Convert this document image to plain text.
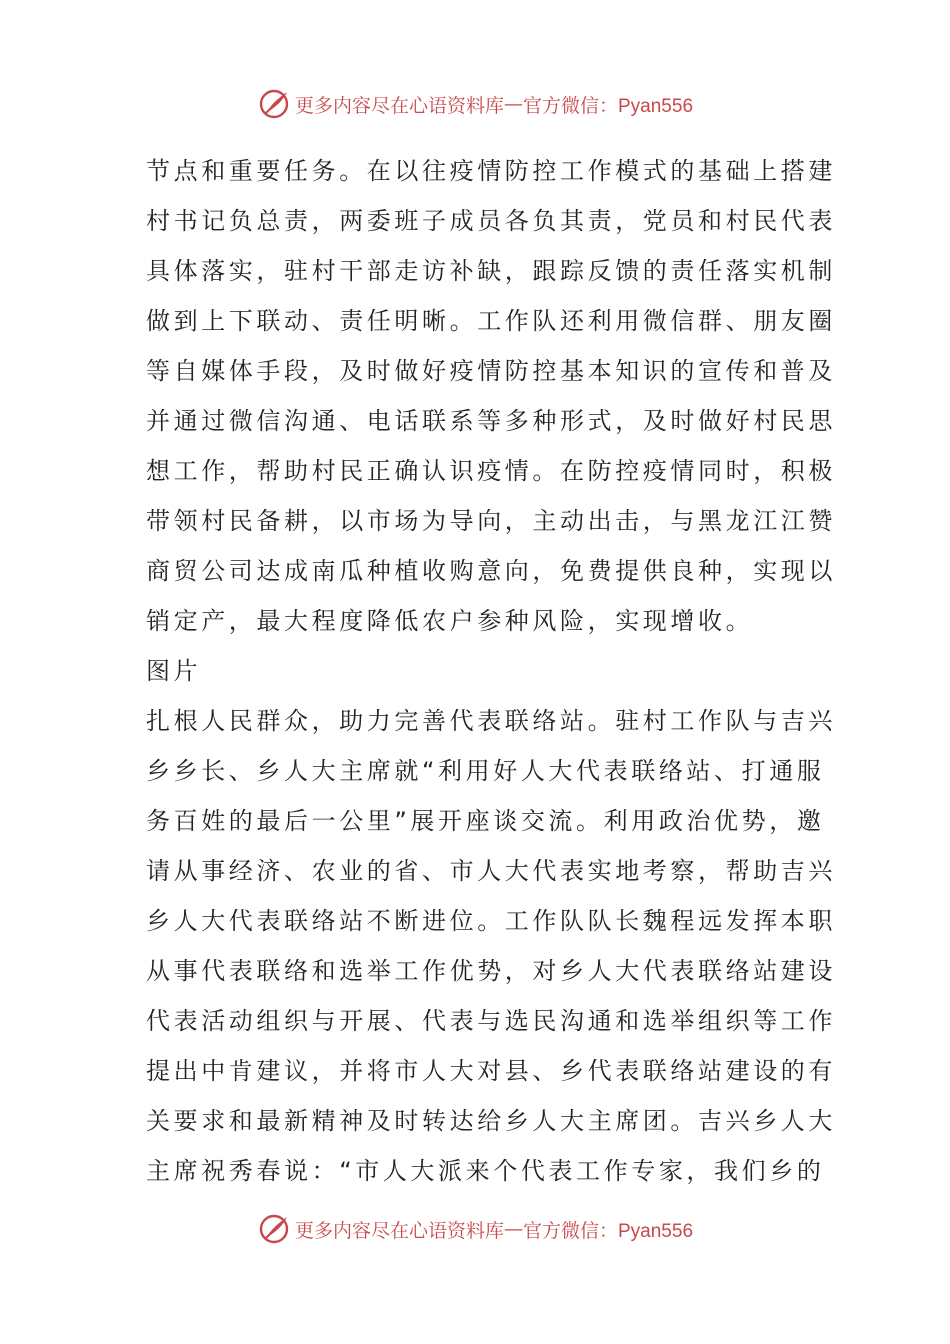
更多内容尽在心语资料库 — 官方微信：Pyan556
节点和重要任务。在以往疫情防控工作模式的基础上搭建
村书记负总责，两委班子成员各负其责，党员和村民代表
具体落实，驻村干部走访补缺，跟踪反馈的责任落实机制
做到上下联动、责任明晰。工作队还利用微信群、朋友圈
等自媒体手段，及时做好疫情防控基本知识的宣传和普及
并通过微信沟通、电话联系等多种形式，及时做好村民思
想工作，帮助村民正确认识疫情。在防控疫情同时，积极
带领村民备耕，以市场为导向，主动出击，与黑龙江江赞
商贸公司达成南瓜种植收购意向，免费提供良种，实现以
销定产，最大程度降低农户参种风险，实现增收。
图片
扎根人民群众，助力完善代表联络站。驻村工作队与吉兴
乡乡长、乡人大主席就“利用好人大代表联络站、打通服
务百姓的最后一公里”展开座谈交流。利用政治优势，邀
请从事经济、农业的省、市人大代表实地考察，帮助吉兴
乡人大代表联络站不断进位。工作队队长魏程远发挥本职
从事代表联络和选举工作优势，对乡人大代表联络站建设
代表活动组织与开展、代表与选民沟通和选举组织等工作
提出中肯建议，并将市人大对县、乡代表联络站建设的有
关要求和最新精神及时转达给乡人大主席团。吉兴乡人大
主席祝秀春说：“市人大派来个代表工作专家，我们乡的
更多内容尽在心语资料库 — 官方微信：Pyan556
